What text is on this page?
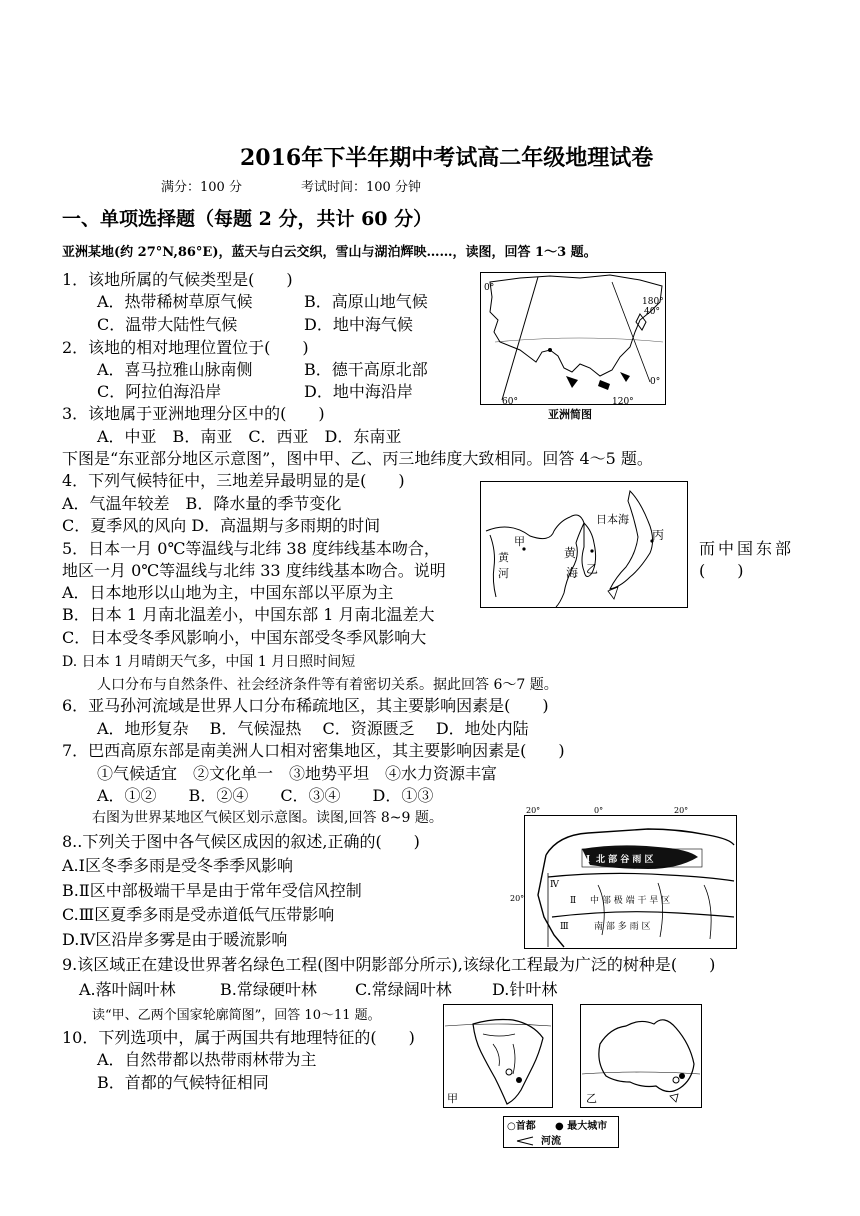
2016年下半年期中考试高二年级地理试卷
满分：100 分	考试时间：100 分钟
一、单项选择题（每题 2 分，共计 60 分）
亚洲某地(约 27°N,86°E)，蓝天与白云交织，雪山与湖泊辉映……，读图，回答 1～3 题。
1．该地所属的气候类型是(　　)
A．热带稀树草原气候	B．高原山地气候
C．温带大陆性气候	D．地中海气候
2．该地的相对地理位置位于(　　)
A．喜马拉雅山脉南侧	B．德干高原北部
C．阿拉伯海沿岸	D．地中海沿岸
3．该地属于亚洲地理分区中的(　　)
A．中亚　B．南亚　C．西亚　D．东南亚
0°
180°
40°
0°
60°	120°
亚洲简图
下图是“东亚部分地区示意图”，图中甲、乙、丙三地纬度大致相同。回答 4～5 题。
4．下列气候特征中，三地差异最明显的是(　　)
A．气温年较差　B．降水量的季节变化
C．夏季风的风向 D．高温期与多雨期的时间
5．日本一月 0℃等温线与北纬 38 度纬线基本吻合，	而中国东部
地区一月 0℃等温线与北纬 33 度纬线基本吻合。说明	(　　)
A．日本地形以山地为主，中国东部以平原为主
B．日本 1 月南北温差小，中国东部 1 月南北温差大
C．日本受冬季风影响小，中国东部受冬季风影响大
D. 日本 1 月晴朗天气多，中国 1 月日照时间短
日本海
甲	丙
乙
黄
海
黄
河
人口分布与自然条件、社会经济条件等有着密切关系。据此回答 6～7 题。
6．亚马孙河流域是世界人口分布稀疏地区，其主要影响因素是(　　)
A．地形复杂　 B．气候湿热　 C．资源匮乏　 D．地处内陆
7．巴西高原东部是南美洲人口相对密集地区，其主要影响因素是(　　)
①气候适宜　②文化单一　③地势平坦　④水力资源丰富
A．①②　　B．②④　　C．③④　　D．①③
右图为世界某地区气候区划示意图。读图,回答 8~9 题。
8..下列关于图中各气候区成因的叙述,正确的(　　)
A.Ⅰ区冬季多雨是受冬季季风影响
B.Ⅱ区中部极端干旱是由于常年受信风控制
C.Ⅲ区夏季多雨是受赤道低气压带影响
D.Ⅳ区沿岸多雾是由于暖流影响
9.该区域正在建设世界著名绿色工程(图中阴影部分所示),该绿化工程最为广泛的树种是(　　)
A.落叶阔叶林	B.常绿硬叶林 C.常绿阔叶林	D.针叶林
20°	0°	20°
20°
Ⅰ 北 部 谷 雨 区
Ⅳ
Ⅱ 中 部 极 端 干 旱 区
Ⅲ	南 部 多 雨 区
读“甲、乙两个国家轮廓简图”，回答 10～11 题。
10．下列选项中，属于两国共有地理特征的(　　)
A．自然带都以热带雨林带为主
B．首都的气候特征相同
甲	乙
○首都 ● 最大城市
河流
